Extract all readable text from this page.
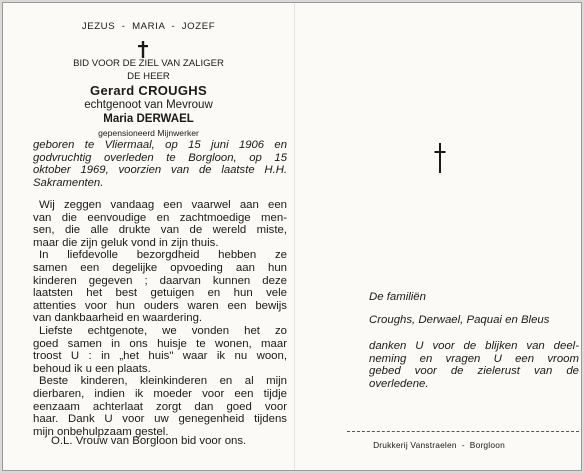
JEZUS  -  MARIA  -  JOZEF
BID VOOR DE ZIEL VAN ZALIGER
DE HEER
Gerard CROUGHS
echtgenoot van Mevrouw
Maria DERWAEL
gepensioneerd Mijnwerker
geboren te Vliermaal, op 15 juni 1906 en
godvruchtig overleden te Borgloon, op 15
oktober 1969, voorzien van de laatste H.H.
Sakramenten.
Wij zeggen vandaag een vaarwel aan een
van die eenvoudige en zachtmoedige men-
sen, die alle drukte van de wereld miste,
maar die zijn geluk vond in zijn thuis.
In liefdevolle bezorgdheid hebben ze
samen een degelijke opvoeding aan hun
kinderen gegeven ; daarvan kunnen deze
laatsten het best getuigen en hun vele
attenties voor hun ouders waren een bewijs
van dankbaarheid en waardering.
Liefste echtgenote, we vonden het zo
goed samen in ons huisje te wonen, maar
troost U : in „het huis" waar ik nu woon,
behoud ik u een plaats.
Beste kinderen, kleinkinderen en al mijn
dierbaren, indien ik moeder voor een tijdje
eenzaam achterlaat zorgt dan goed voor
haar. Dank U voor uw genegenheid tijdens
mijn onbehulpzaam gestel.
O.L. Vrouw van Borgloon bid voor ons.
De familiën
Croughs, Derwael, Paquai en Bleus
danken U voor de blijken van deel-
neming en vragen U een vroom
gebed voor de zielerust van de
overledene.
Drukkerij Vanstraelen  -  Borgloon
